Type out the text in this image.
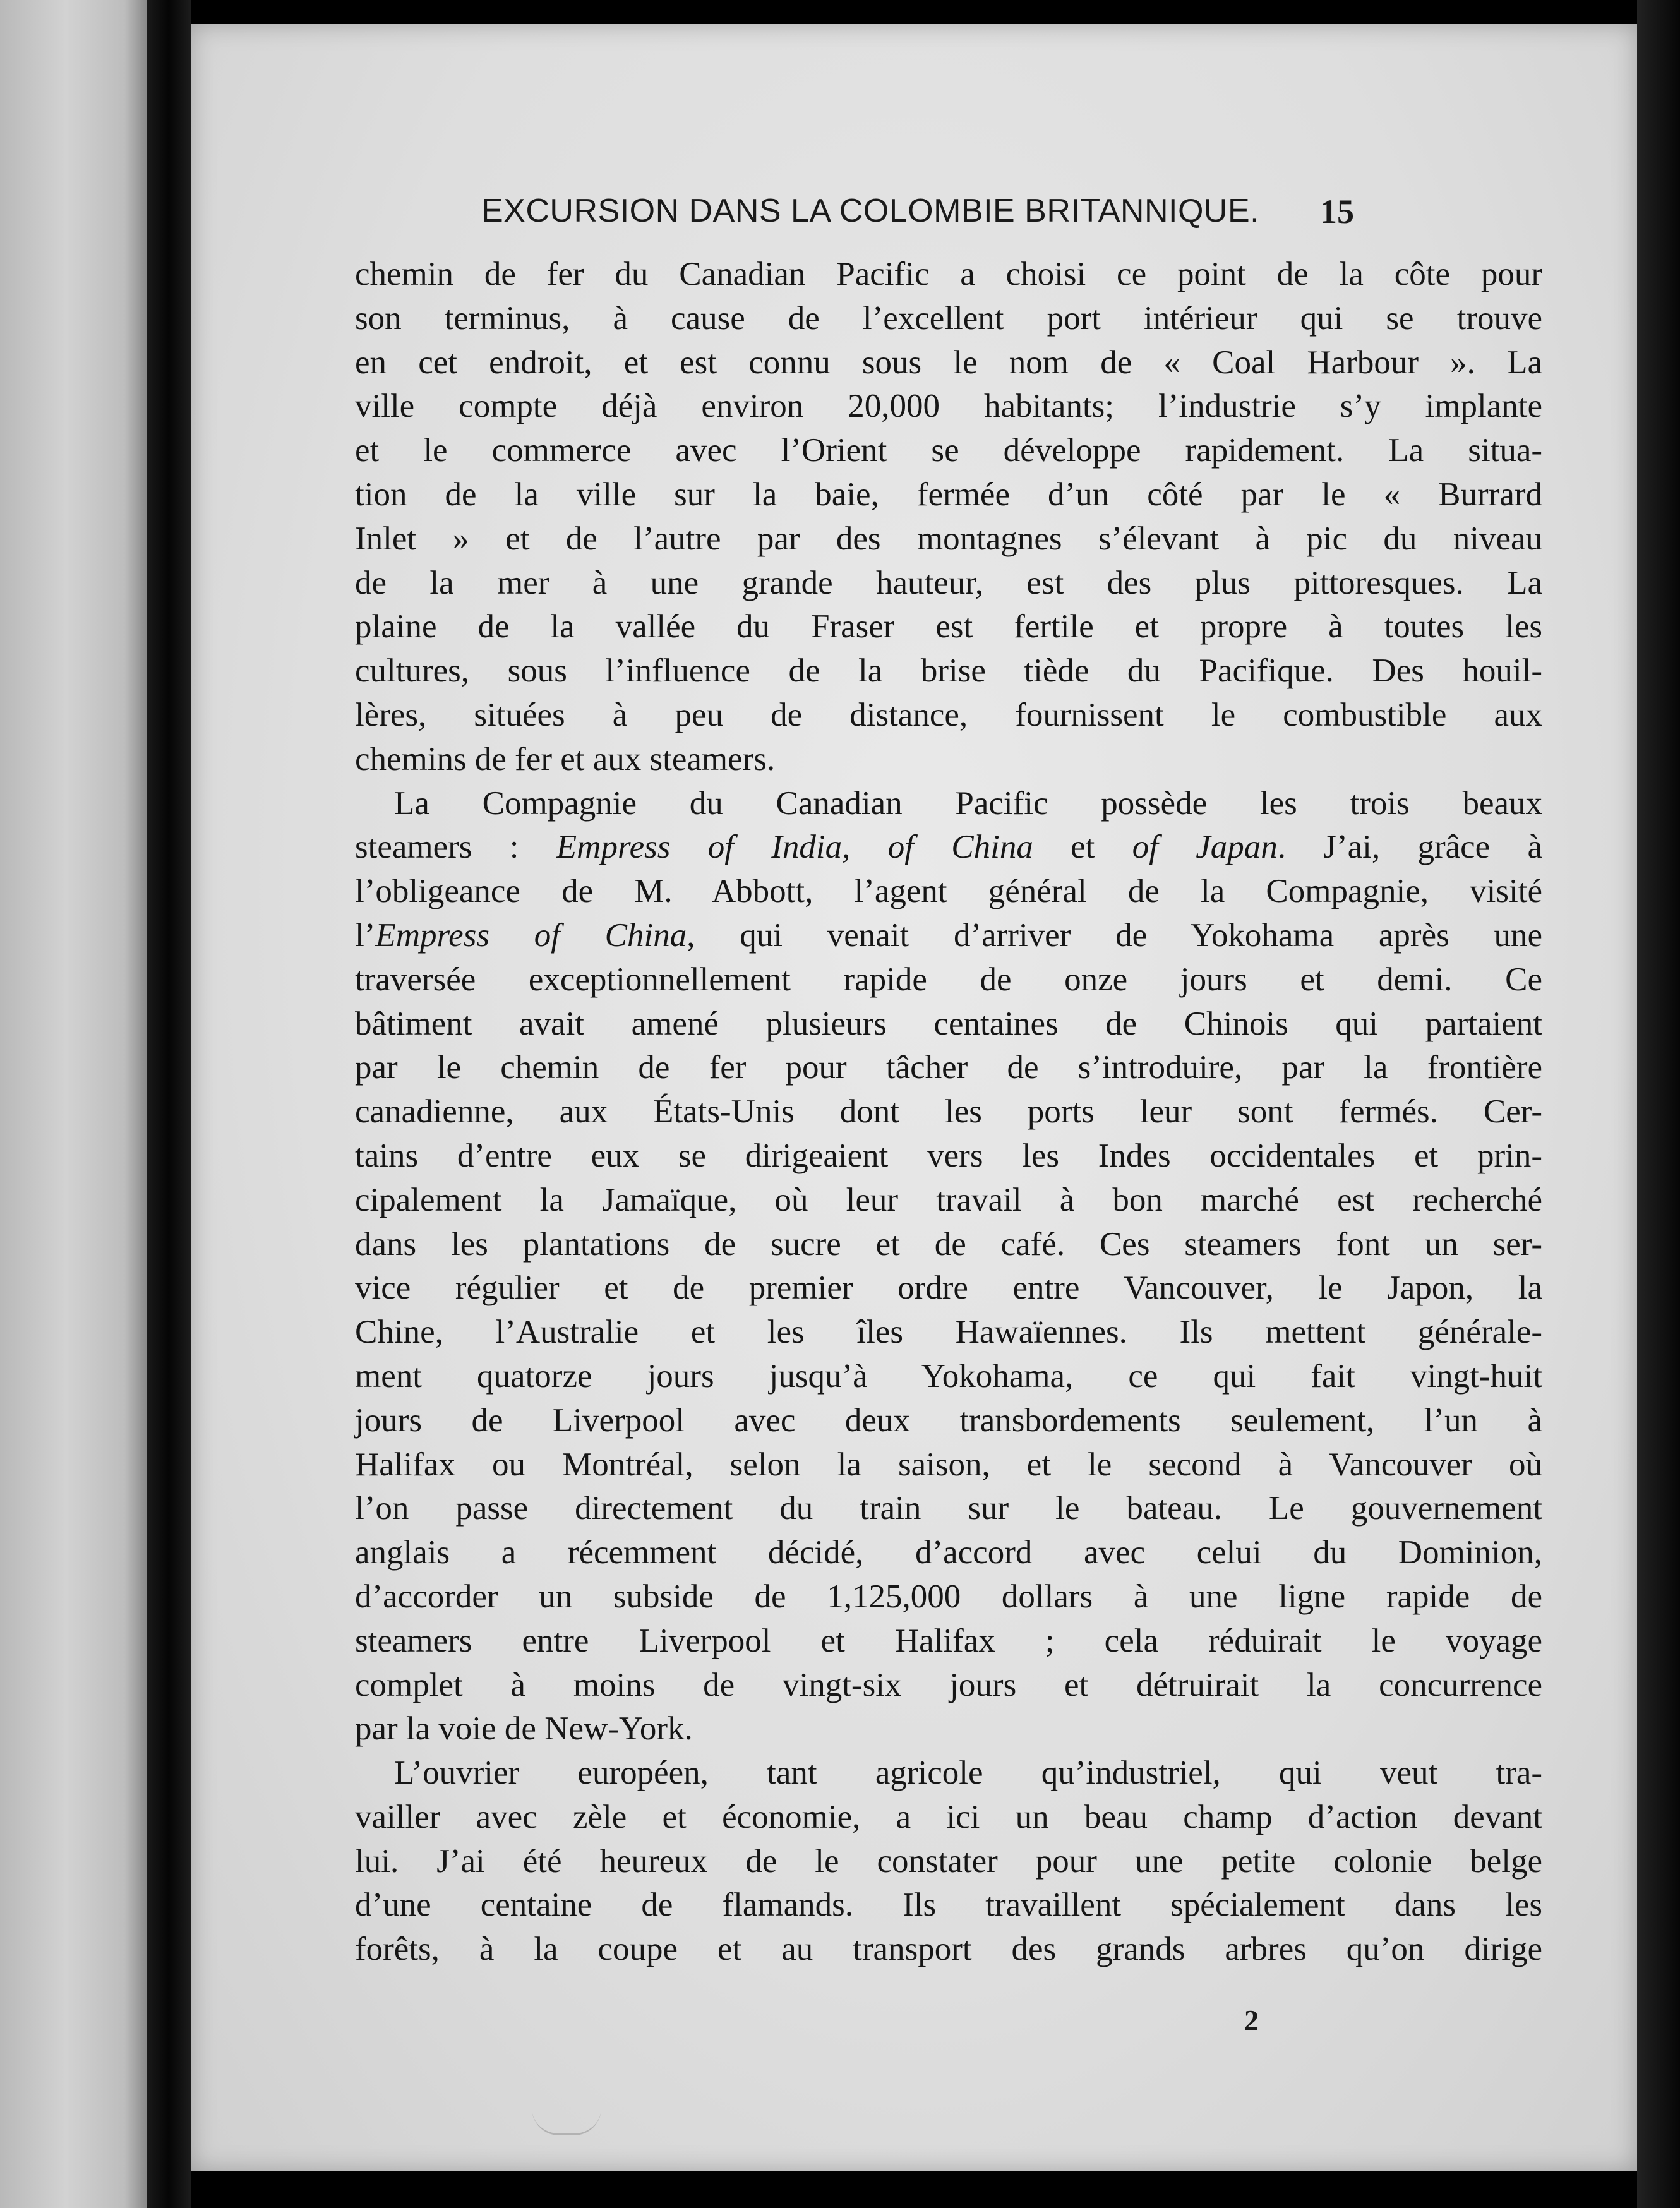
EXCURSION DANS LA COLOMBIE BRITANNIQUE. 15
chemin de fer du Canadian Pacific a choisi ce point de la côte pour
son terminus, à cause de l’excellent port intérieur qui se trouve
en cet endroit, et est connu sous le nom de « Coal Harbour ». La
ville compte déjà environ 20,000 habitants; l’industrie s’y implante
et le commerce avec l’Orient se développe rapidement. La situa-
tion de la ville sur la baie, fermée d’un côté par le « Burrard
Inlet » et de l’autre par des montagnes s’élevant à pic du niveau
de la mer à une grande hauteur, est des plus pittoresques. La
plaine de la vallée du Fraser est fertile et propre à toutes les
cultures, sous l’influence de la brise tiède du Pacifique. Des houil-
lères, situées à peu de distance, fournissent le combustible aux
chemins de fer et aux steamers.
La Compagnie du Canadian Pacific possède les trois beaux
steamers : Empress of India, of China et of Japan. J’ai, grâce à
l’obligeance de M. Abbott, l’agent général de la Compagnie, visité
l’Empress of China, qui venait d’arriver de Yokohama après une
traversée exceptionnellement rapide de onze jours et demi. Ce
bâtiment avait amené plusieurs centaines de Chinois qui partaient
par le chemin de fer pour tâcher de s’introduire, par la frontière
canadienne, aux États-Unis dont les ports leur sont fermés. Cer-
tains d’entre eux se dirigeaient vers les Indes occidentales et prin-
cipalement la Jamaïque, où leur travail à bon marché est recherché
dans les plantations de sucre et de café. Ces steamers font un ser-
vice régulier et de premier ordre entre Vancouver, le Japon, la
Chine, l’Australie et les îles Hawaïennes. Ils mettent générale-
ment quatorze jours jusqu’à Yokohama, ce qui fait vingt-huit
jours de Liverpool avec deux transbordements seulement, l’un à
Halifax ou Montréal, selon la saison, et le second à Vancouver où
l’on passe directement du train sur le bateau. Le gouvernement
anglais a récemment décidé, d’accord avec celui du Dominion,
d’accorder un subside de 1,125,000 dollars à une ligne rapide de
steamers entre Liverpool et Halifax ; cela réduirait le voyage
complet à moins de vingt-six jours et détruirait la concurrence
par la voie de New-York.
L’ouvrier européen, tant agricole qu’industriel, qui veut tra-
vailler avec zèle et économie, a ici un beau champ d’action devant
lui. J’ai été heureux de le constater pour une petite colonie belge
d’une centaine de flamands. Ils travaillent spécialement dans les
forêts, à la coupe et au transport des grands arbres qu’on dirige
2
